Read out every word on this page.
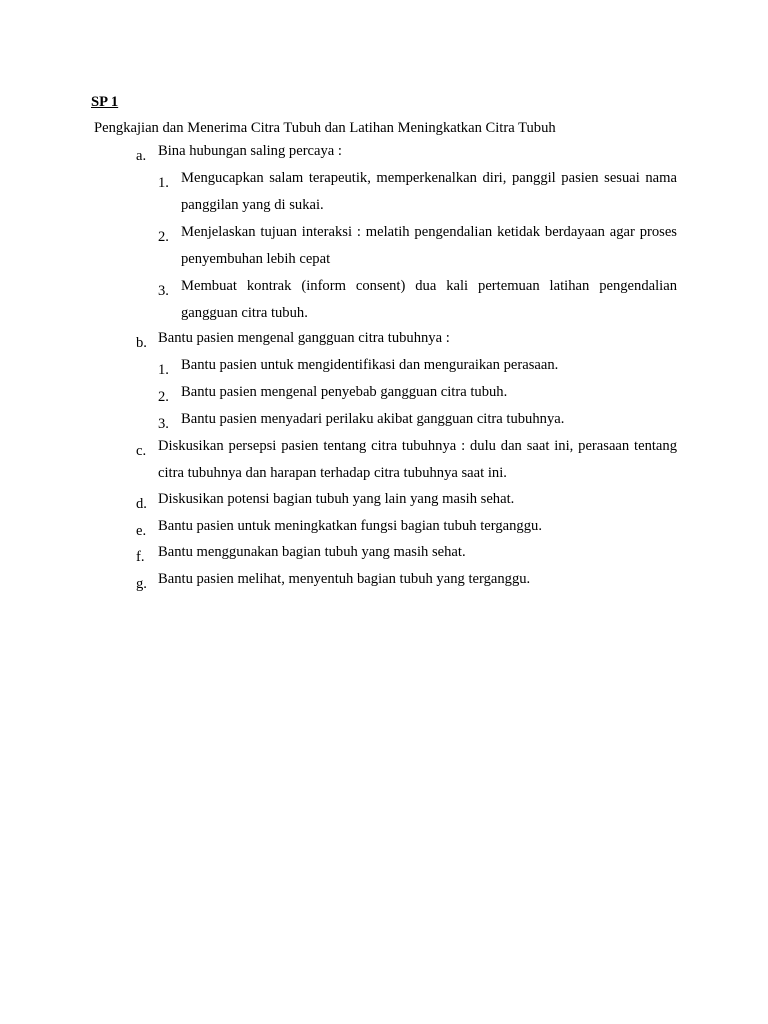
SP 1
Pengkajian dan Menerima Citra Tubuh dan Latihan Meningkatkan Citra Tubuh
a. Bina hubungan saling percaya :
1. Mengucapkan salam terapeutik, memperkenalkan diri, panggil pasien sesuai nama panggilan yang di sukai.
2. Menjelaskan tujuan interaksi : melatih pengendalian ketidak berdayaan agar proses penyembuhan lebih cepat
3. Membuat kontrak (inform consent) dua kali pertemuan latihan pengendalian gangguan citra tubuh.
b. Bantu pasien mengenal gangguan citra tubuhnya :
1. Bantu pasien untuk mengidentifikasi dan menguraikan perasaan.
2. Bantu pasien mengenal penyebab gangguan citra tubuh.
3. Bantu pasien menyadari perilaku akibat gangguan citra tubuhnya.
c. Diskusikan persepsi pasien tentang citra tubuhnya : dulu dan saat ini, perasaan tentang citra tubuhnya dan harapan terhadap citra tubuhnya saat ini.
d. Diskusikan potensi bagian tubuh yang lain yang masih sehat.
e. Bantu pasien untuk meningkatkan fungsi bagian tubuh terganggu.
f. Bantu menggunakan bagian tubuh yang masih sehat.
g. Bantu pasien melihat, menyentuh bagian tubuh yang terganggu.
